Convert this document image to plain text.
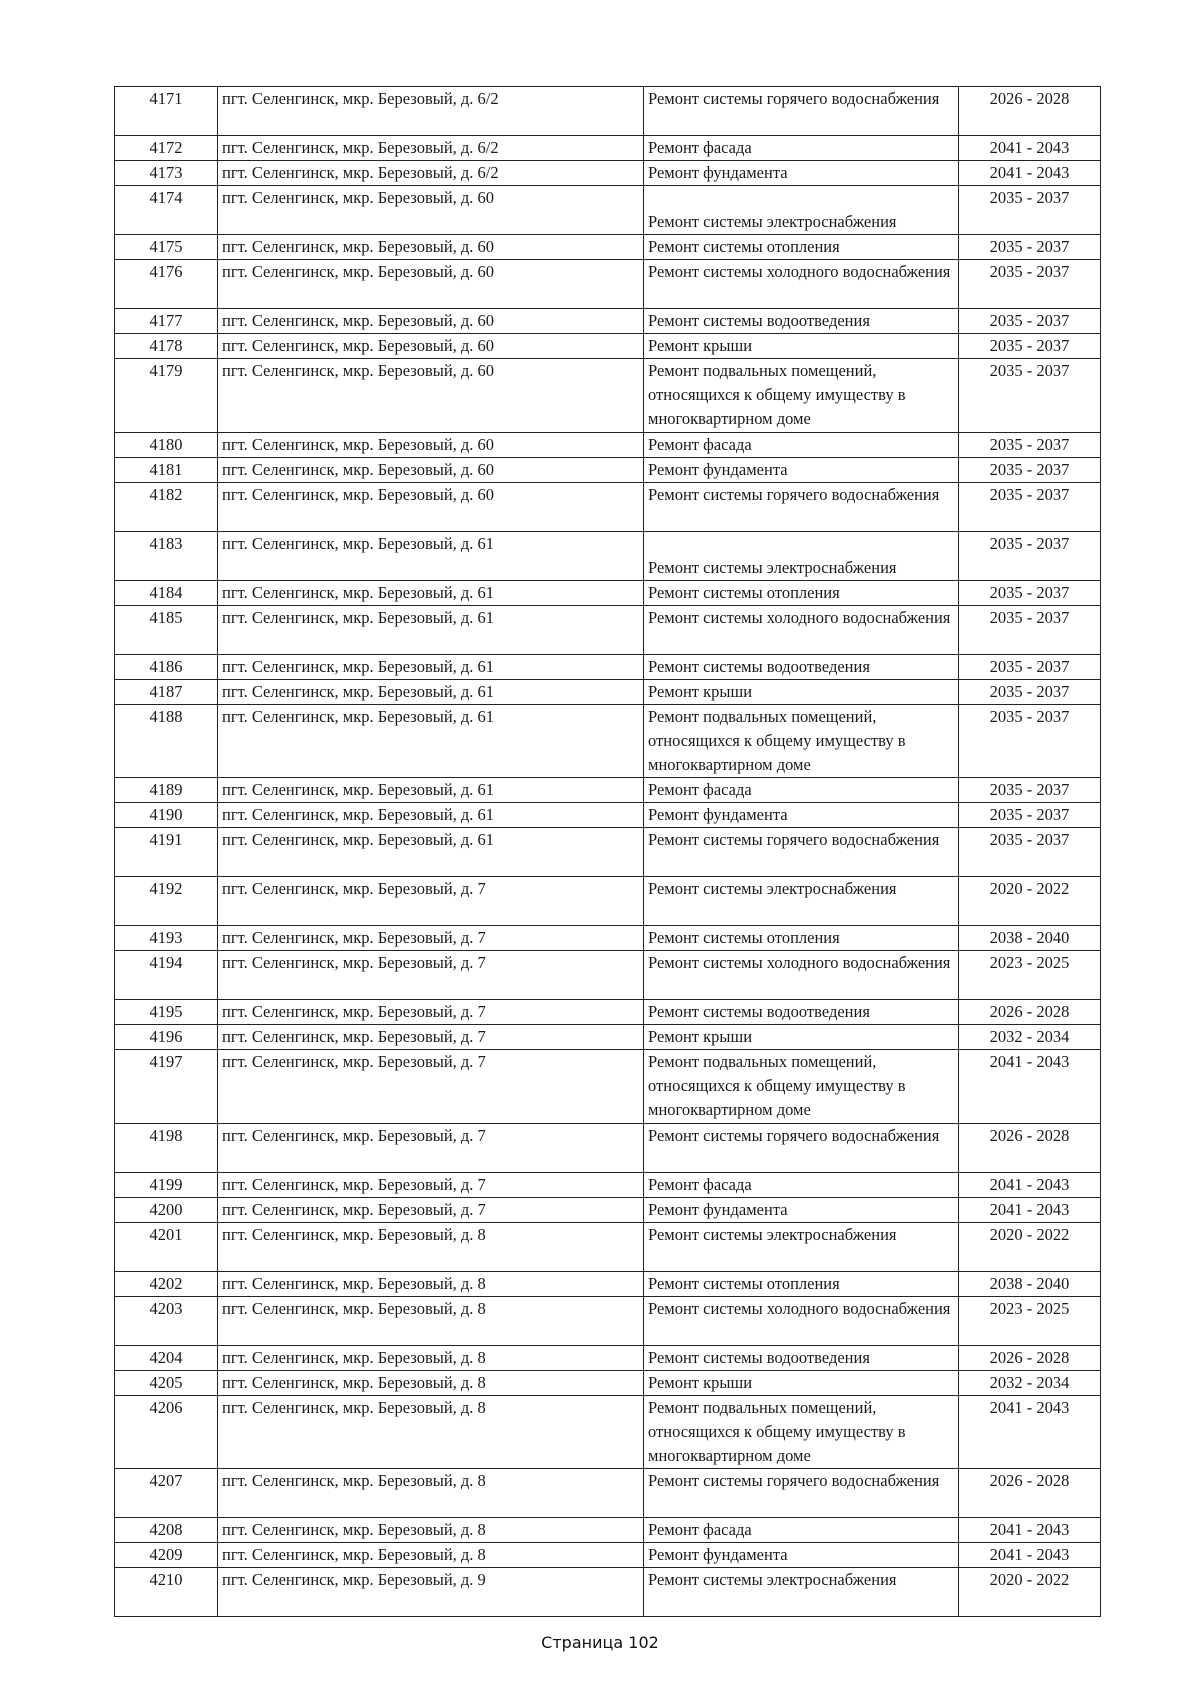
4171	пгт. Селенгинск, мкр. Березовый, д. 6/2	Ремонт системы горячего водоснабжения	2026 - 2028
4172	пгт. Селенгинск, мкр. Березовый, д. 6/2	Ремонт фасада	2041 - 2043
4173	пгт. Селенгинск, мкр. Березовый, д. 6/2	Ремонт фундамента	2041 - 2043
4174	пгт. Селенгинск, мкр. Березовый, д. 60	Ремонт системы электроснабжения	2035 - 2037
4175	пгт. Селенгинск, мкр. Березовый, д. 60	Ремонт системы отопления	2035 - 2037
4176	пгт. Селенгинск, мкр. Березовый, д. 60	Ремонт системы холодного водоснабжения	2035 - 2037
4177	пгт. Селенгинск, мкр. Березовый, д. 60	Ремонт системы водоотведения	2035 - 2037
4178	пгт. Селенгинск, мкр. Березовый, д. 60	Ремонт крыши	2035 - 2037
4179	пгт. Селенгинск, мкр. Березовый, д. 60	Ремонт подвальных помещений, относящихся к общему имуществу в многоквартирном доме	2035 - 2037
4180	пгт. Селенгинск, мкр. Березовый, д. 60	Ремонт фасада	2035 - 2037
4181	пгт. Селенгинск, мкр. Березовый, д. 60	Ремонт фундамента	2035 - 2037
4182	пгт. Селенгинск, мкр. Березовый, д. 60	Ремонт системы горячего водоснабжения	2035 - 2037
4183	пгт. Селенгинск, мкр. Березовый, д. 61	Ремонт системы электроснабжения	2035 - 2037
4184	пгт. Селенгинск, мкр. Березовый, д. 61	Ремонт системы отопления	2035 - 2037
4185	пгт. Селенгинск, мкр. Березовый, д. 61	Ремонт системы холодного водоснабжения	2035 - 2037
4186	пгт. Селенгинск, мкр. Березовый, д. 61	Ремонт системы водоотведения	2035 - 2037
4187	пгт. Селенгинск, мкр. Березовый, д. 61	Ремонт крыши	2035 - 2037
4188	пгт. Селенгинск, мкр. Березовый, д. 61	Ремонт подвальных помещений, относящихся к общему имуществу в многоквартирном доме	2035 - 2037
4189	пгт. Селенгинск, мкр. Березовый, д. 61	Ремонт фасада	2035 - 2037
4190	пгт. Селенгинск, мкр. Березовый, д. 61	Ремонт фундамента	2035 - 2037
4191	пгт. Селенгинск, мкр. Березовый, д. 61	Ремонт системы горячего водоснабжения	2035 - 2037
4192	пгт. Селенгинск, мкр. Березовый, д. 7	Ремонт системы электроснабжения	2020 - 2022
4193	пгт. Селенгинск, мкр. Березовый, д. 7	Ремонт системы отопления	2038 - 2040
4194	пгт. Селенгинск, мкр. Березовый, д. 7	Ремонт системы холодного водоснабжения	2023 - 2025
4195	пгт. Селенгинск, мкр. Березовый, д. 7	Ремонт системы водоотведения	2026 - 2028
4196	пгт. Селенгинск, мкр. Березовый, д. 7	Ремонт крыши	2032 - 2034
4197	пгт. Селенгинск, мкр. Березовый, д. 7	Ремонт подвальных помещений, относящихся к общему имуществу в многоквартирном доме	2041 - 2043
4198	пгт. Селенгинск, мкр. Березовый, д. 7	Ремонт системы горячего водоснабжения	2026 - 2028
4199	пгт. Селенгинск, мкр. Березовый, д. 7	Ремонт фасада	2041 - 2043
4200	пгт. Селенгинск, мкр. Березовый, д. 7	Ремонт фундамента	2041 - 2043
4201	пгт. Селенгинск, мкр. Березовый, д. 8	Ремонт системы электроснабжения	2020 - 2022
4202	пгт. Селенгинск, мкр. Березовый, д. 8	Ремонт системы отопления	2038 - 2040
4203	пгт. Селенгинск, мкр. Березовый, д. 8	Ремонт системы холодного водоснабжения	2023 - 2025
4204	пгт. Селенгинск, мкр. Березовый, д. 8	Ремонт системы водоотведения	2026 - 2028
4205	пгт. Селенгинск, мкр. Березовый, д. 8	Ремонт крыши	2032 - 2034
4206	пгт. Селенгинск, мкр. Березовый, д. 8	Ремонт подвальных помещений, относящихся к общему имуществу в многоквартирном доме	2041 - 2043
4207	пгт. Селенгинск, мкр. Березовый, д. 8	Ремонт системы горячего водоснабжения	2026 - 2028
4208	пгт. Селенгинск, мкр. Березовый, д. 8	Ремонт фасада	2041 - 2043
4209	пгт. Селенгинск, мкр. Березовый, д. 8	Ремонт фундамента	2041 - 2043
4210	пгт. Селенгинск, мкр. Березовый, д. 9	Ремонт системы электроснабжения	2020 - 2022
Страница 102
